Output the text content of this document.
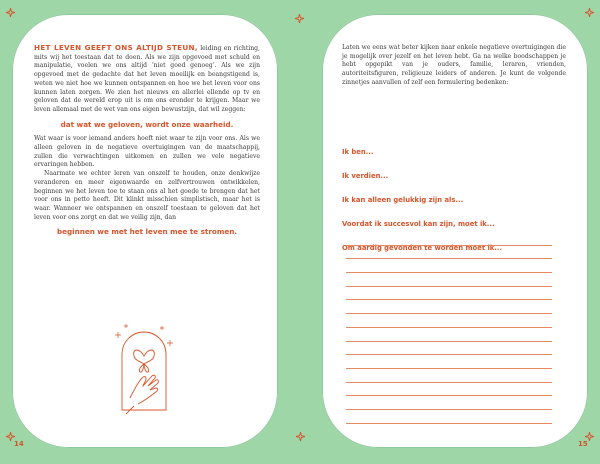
HET LEVEN GEEFT ONS ALTIJD STEUN, leiding en richting, mits wij het toestaan dat te doen. Als we zijn opgevoed met schuld en manipulatie, voelen we ons altijd ‘niet goed genoeg’. Als we zijn opgevoed met de gedachte dat het leven moeilijk en beangstigend is, weten we niet hoe we kunnen ontspannen en hoe we het leven voor ons kunnen laten zorgen. We zien het nieuws en allerlei ellende op tv en geloven dat de wereld erop uit is om ons eronder te krijgen. Maar we leven allemaal met de wet van ons eigen bewustzijn, dat wil zeggen:

dat wat we geloven, wordt onze waarheid.

Wat waar is voor iemand anders hoeft niet waar te zijn voor ons. Als we alleen geloven in de negatieve overtuigingen van de maatschappij, zullen die verwachtingen uitkomen en zullen we vele negatieve ervaringen hebben.

Naarmate we echter leren van onszelf te houden, onze denkwijze veranderen en meer eigenwaarde en zelfvertrouwen ontwikkelen, beginnen we het leven toe te staan ons al het goede te brengen dat het voor ons in petto heeft. Dit klinkt misschien simplistisch, maar het is waar. Wanneer we ontspannen en onszelf toestaan te geloven dat het leven voor ons zorgt en dat we veilig zijn, dan

beginnen we met het leven mee te stromen.
14
Laten we eens wat beter kijken naar enkele negatieve overtuigingen die je mogelijk over jezelf en het leven hebt. Ga na welke boodschappen je hebt opgepikt van je ouders, familie, leraren, vrienden, autoriteitsfiguren, religieuze leiders of anderen. Je kunt de volgende zinnetjes aanvullen of zelf een formulering bedenken:
Ik ben...
Ik verdien...
Ik kan alleen gelukkig zijn als...
Voordat ik succesvol kan zijn, moet ik...
Om aardig gevonden te worden moet ik...
15
